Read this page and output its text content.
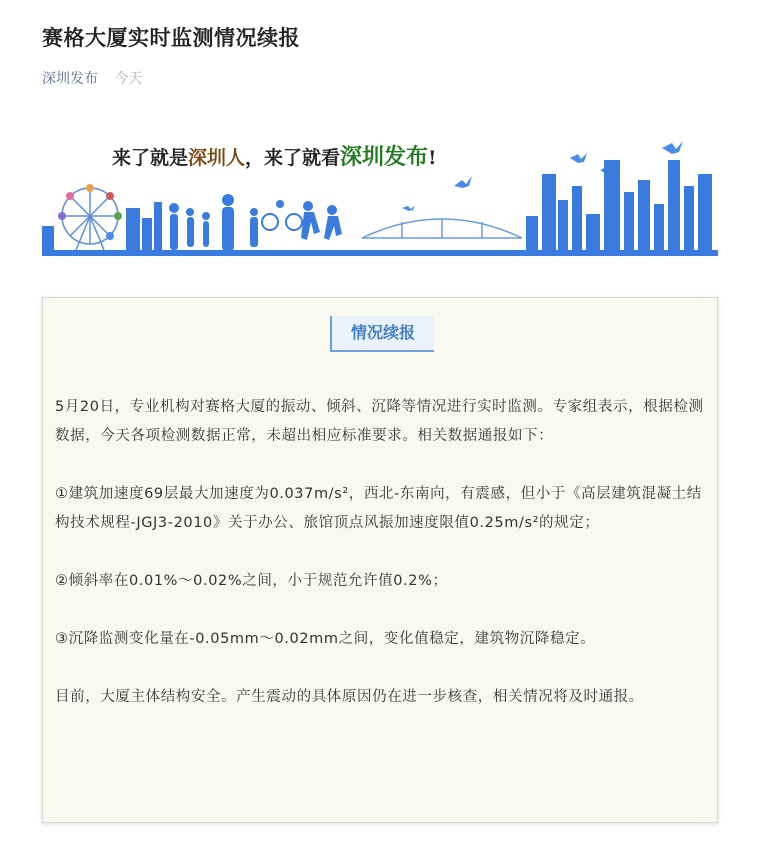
赛格大厦实时监测情况续报
深圳发布 今天
来了就是深圳人，来了就看深圳发布!
情况续报

5月20日，专业机构对赛格大厦的振动、倾斜、沉降等情况进行实时监测。专家组表示，根据检测数据，今天各项检测数据正常，未超出相应标准要求。相关数据通报如下：

①建筑加速度69层最大加速度为0.037m/s²，西北-东南向，有震感，但小于《高层建筑混凝土结构技术规程-JGJ3-2010》关于办公、旅馆顶点风振加速度限值0.25m/s²的规定；

②倾斜率在0.01%～0.02%之间，小于规范允许值0.2%；

③沉降监测变化量在-0.05mm～0.02mm之间，变化值稳定，建筑物沉降稳定。

目前，大厦主体结构安全。产生震动的具体原因仍在进一步核查，相关情况将及时通报。
